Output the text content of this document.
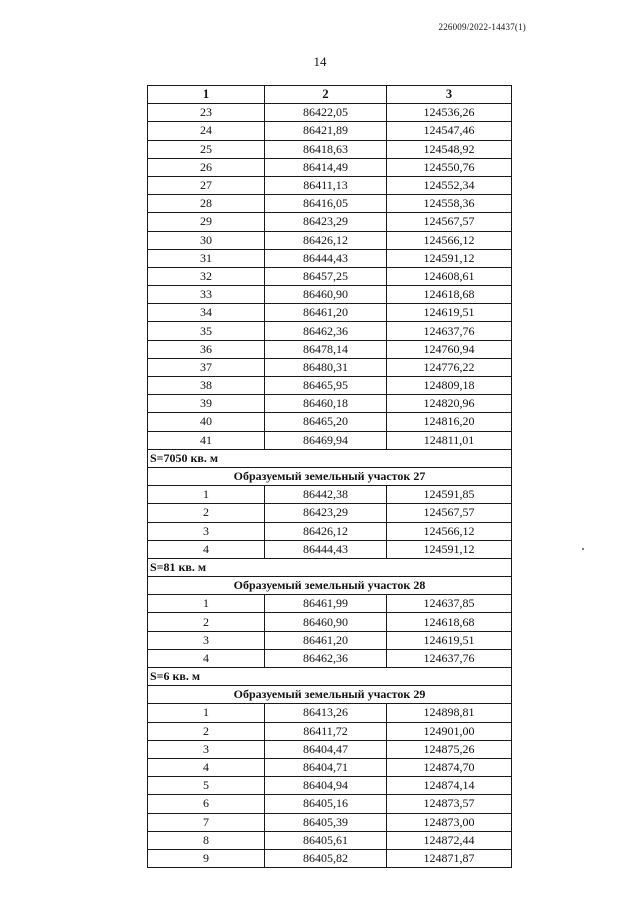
226009/2022-14437(1)
14
1	2	3
23	86422,05	124536,26
24	86421,89	124547,46
25	86418,63	124548,92
26	86414,49	124550,76
27	86411,13	124552,34
28	86416,05	124558,36
29	86423,29	124567,57
30	86426,12	124566,12
31	86444,43	124591,12
32	86457,25	124608,61
33	86460,90	124618,68
34	86461,20	124619,51
35	86462,36	124637,76
36	86478,14	124760,94
37	86480,31	124776,22
38	86465,95	124809,18
39	86460,18	124820,96
40	86465,20	124816,20
41	86469,94	124811,01
S=7050 кв. м		
Образуемый земельный участок 27		
1	86442,38	124591,85
2	86423,29	124567,57
3	86426,12	124566,12
4	86444,43	124591,12
S=81 кв. м		
Образуемый земельный участок 28		
1	86461,99	124637,85
2	86460,90	124618,68
3	86461,20	124619,51
4	86462,36	124637,76
S=6 кв. м		
Образуемый земельный участок 29		
1	86413,26	124898,81
2	86411,72	124901,00
3	86404,47	124875,26
4	86404,71	124874,70
5	86404,94	124874,14
6	86405,16	124873,57
7	86405,39	124873,00
8	86405,61	124872,44
9	86405,82	124871,87
